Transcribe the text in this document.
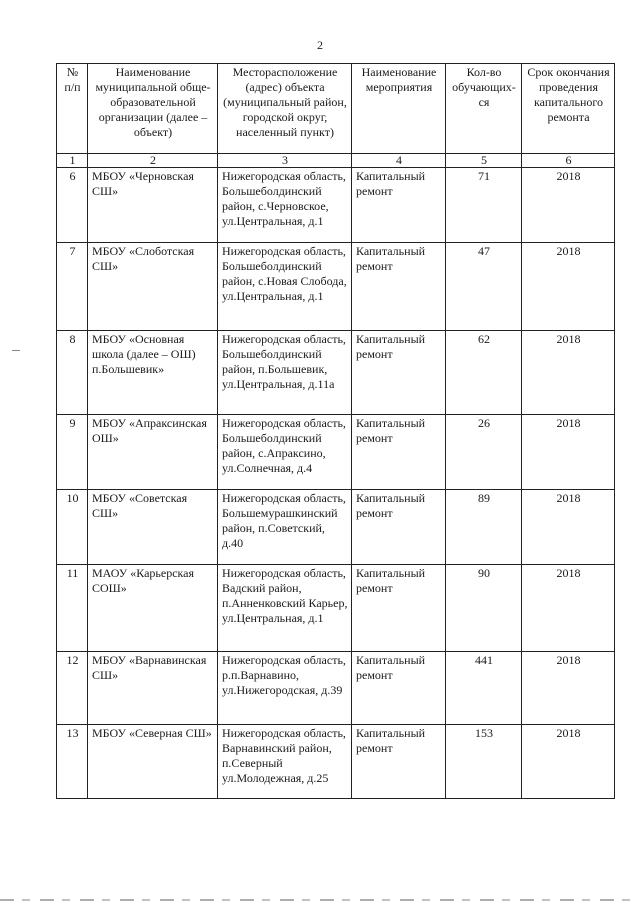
2
№ п/п	Наименование муниципальной обще-образовательной организации (далее – объект)	Месторасположение (адрес) объекта (муниципальный район, городской округ, населенный пункт)	Наименование мероприятия	Кол-во обучающих-ся	Срок окончания проведения капитального ремонта
1	2	3	4	5	6
6	МБОУ «Черновская СШ»	Нижегородская область, Большеболдинский район, с.Черновское, ул.Центральная, д.1	Капитальный ремонт	71	2018
7	МБОУ «Слоботская СШ»	Нижегородская область, Большеболдинский район, с.Новая Слобода, ул.Центральная, д.1	Капитальный ремонт	47	2018
8	МБОУ «Основная школа (далее – ОШ) п.Большевик»	Нижегородская область, Большеболдинский район, п.Большевик, ул.Центральная, д.11а	Капитальный ремонт	62	2018
9	МБОУ «Апраксинская ОШ»	Нижегородская область, Большеболдинский район, с.Апраксино, ул.Солнечная, д.4	Капитальный ремонт	26	2018
10	МБОУ «Советская СШ»	Нижегородская область, Большемурашкинский район, п.Советский, д.40	Капитальный ремонт	89	2018
11	МАОУ «Карьерская СОШ»	Нижегородская область, Вадский район, п.Анненковский Карьер, ул.Центральная, д.1	Капитальный ремонт	90	2018
12	МБОУ «Варнавинская СШ»	Нижегородская область, р.п.Варнавино, ул.Нижегородская, д.39	Капитальный ремонт	441	2018
13	МБОУ «Северная СШ»	Нижегородская область, Варнавинский район, п.Северный ул.Молодежная, д.25	Капитальный ремонт	153	2018
